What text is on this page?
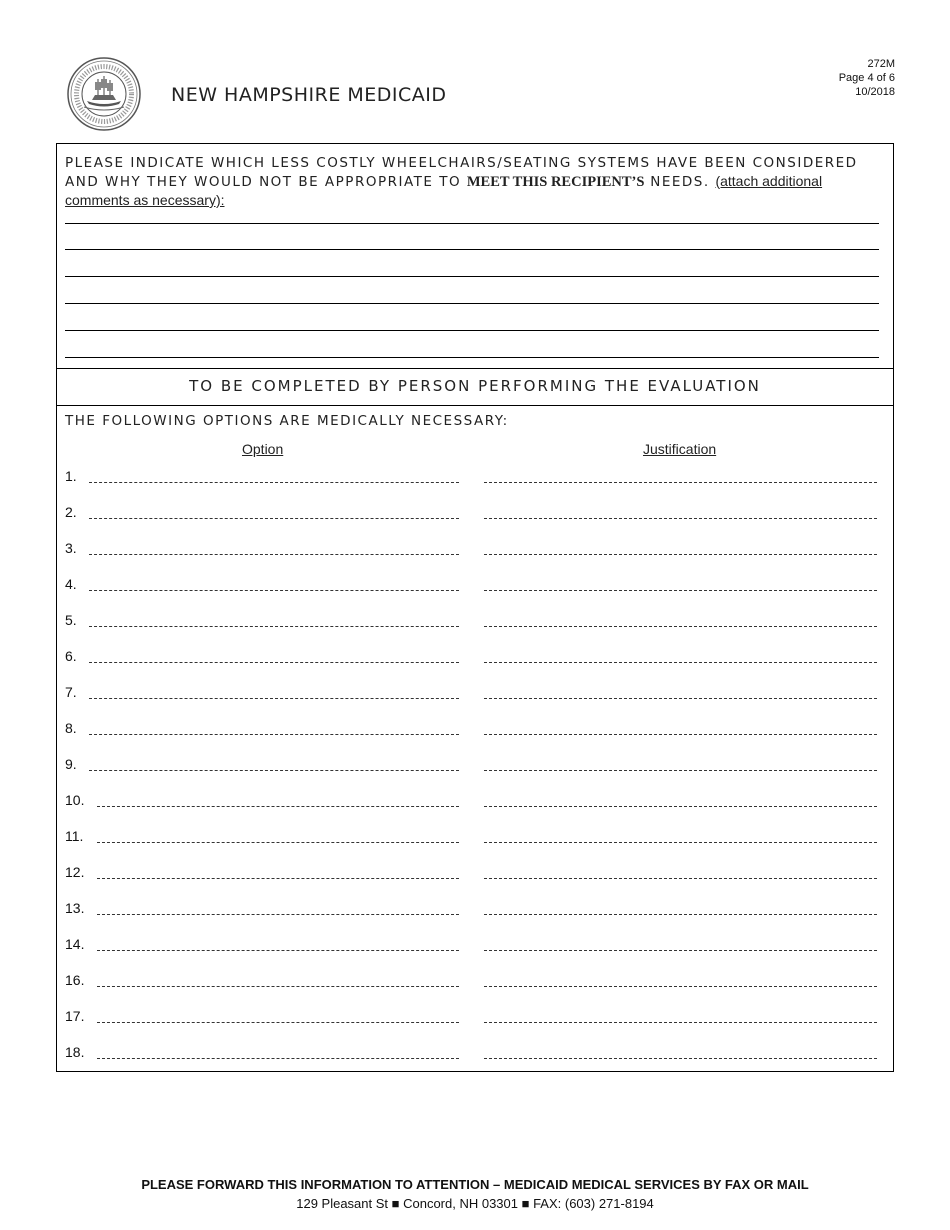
NEW HAMPSHIRE MEDICAID
272M
Page 4 of 6
10/2018
PLEASE INDICATE WHICH LESS COSTLY WHEELCHAIRS/SEATING SYSTEMS HAVE BEEN CONSIDERED AND WHY THEY WOULD NOT BE APPROPRIATE TO MEET THIS RECIPIENT’S NEEDS. (attach additional comments as necessary):
TO BE COMPLETED BY PERSON PERFORMING THE EVALUATION
THE FOLLOWING OPTIONS ARE MEDICALLY NECESSARY:
Option	Justification
1.
2.
3.
4.
5.
6.
7.
8.
9.
10.
11.
12.
13.
14.
16.
17.
18.
PLEASE FORWARD THIS INFORMATION TO ATTENTION – MEDICAID MEDICAL SERVICES BY FAX OR MAIL
129 Pleasant St ■ Concord, NH 03301 ■ FAX: (603) 271-8194
